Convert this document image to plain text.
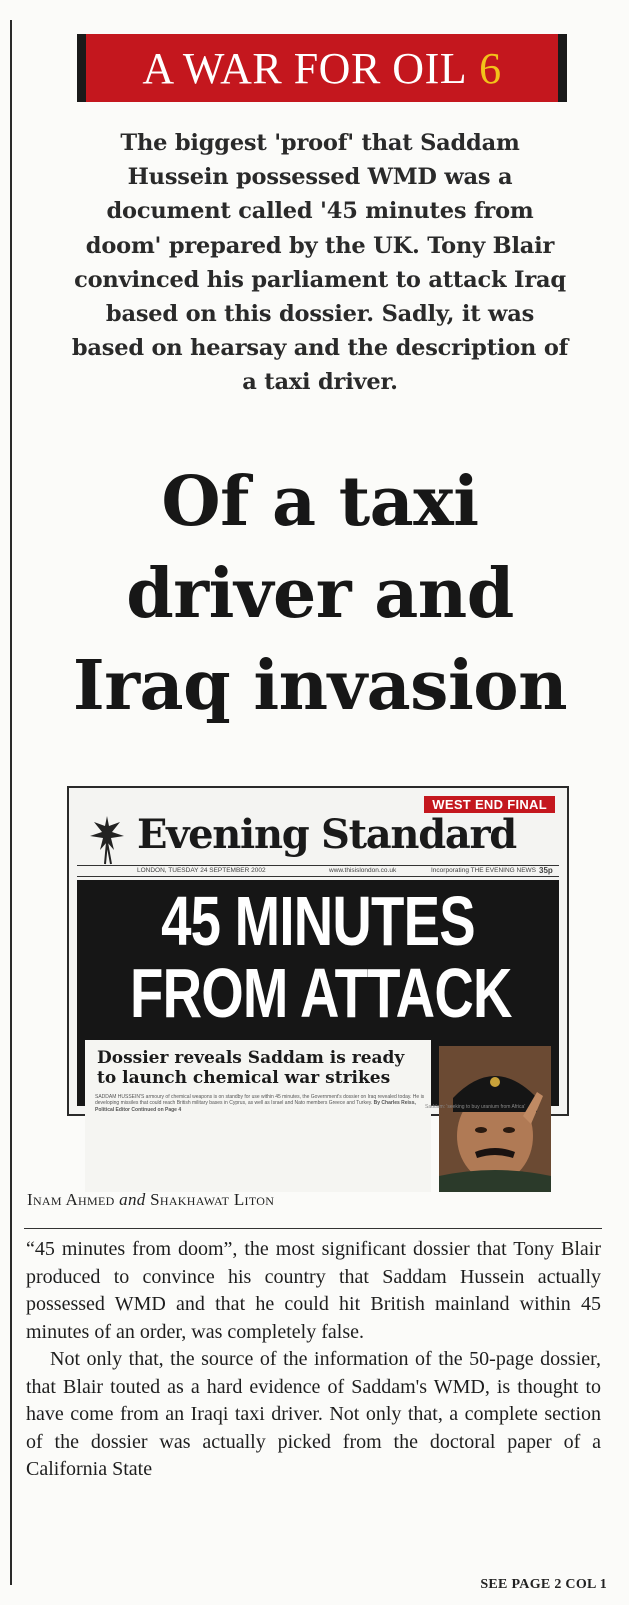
A WAR FOR OIL 6
The biggest 'proof' that Saddam Hussein possessed WMD was a document called '45 minutes from doom' prepared by the UK. Tony Blair convinced his parliament to attack Iraq based on this dossier. Sadly, it was based on hearsay and the description of a taxi driver.
Of a taxi
driver and
Iraq invasion
WEST END FINAL
Evening Standard
LONDON, TUESDAY 24 SEPTEMBER 2002	www.thisislondon.co.uk	Incorporating THE EVENING NEWS 35p
45 MINUTES
FROM ATTACK
Dossier reveals Saddam is ready to launch chemical war strikes
SADDAM HUSSEIN'S armoury of chemical weapons is on standby for use within 45 minutes, the Government's dossier on Iraq revealed today. He is developing missiles that could reach British military bases in Cyprus, as well as Israel and Nato members Greece and Turkey. By Charles Reiss, Political Editor Continued on Page 4	Saddam: 'seeking to buy uranium from Africa'
Inam Ahmed and Shakhawat Liton

“45 minutes from doom”, the most significant dossier that Tony Blair produced to convince his country that Saddam Hussein actually possessed WMD and that he could hit British mainland within 45 minutes of an order, was completely false.

Not only that, the source of the information of the 50-page dossier, that Blair touted as a hard evidence of Saddam's WMD, is thought to have come from an Iraqi taxi driver. Not only that, a complete section of the dossier was actually picked from the doctoral paper of a California State

SEE PAGE 2 COL 1
